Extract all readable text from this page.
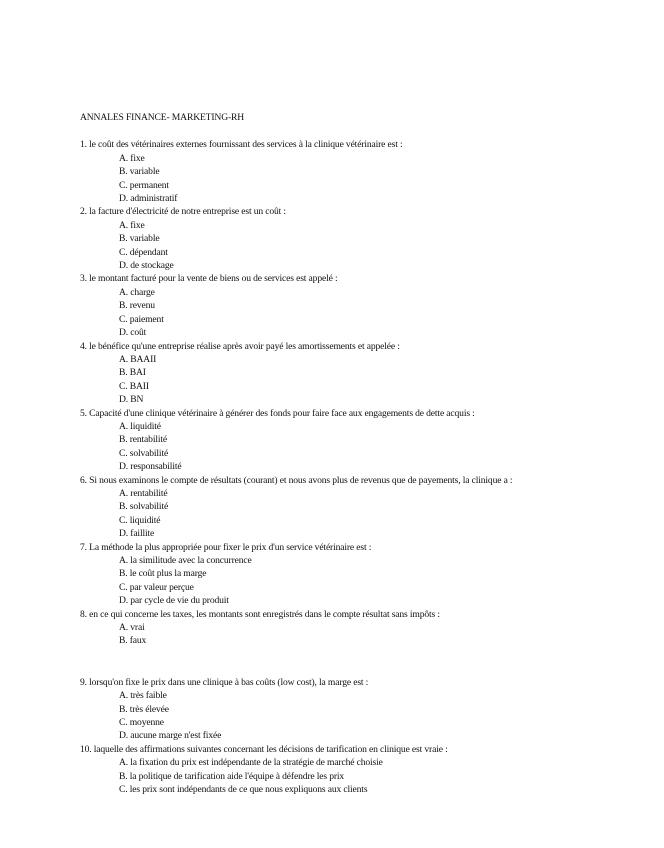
ANNALES FINANCE- MARKETING-RH

1. le coût des vétérinaires externes fournissant des services à la clinique vétérinaire est :

A. fixe
B. variable
C. permanent
D. administratif

2. la facture d'électricité de notre entreprise est un coût :

A. fixe
B. variable
C. dépendant
D. de stockage

3. le montant facturé pour la vente de biens ou de services est appelé :

A. charge
B. revenu
C. paiement
D. coût

4. le bénéfice qu'une entreprise réalise après avoir payé les amortissements et appelée :

A. BAAII
B. BAI
C. BAII
D. BN

5. Capacité d'une clinique vétérinaire à générer des fonds pour faire face aux engagements de dette acquis :

A. liquidité
B. rentabilité
C. solvabilité
D. responsabilité

6. Si nous examinons le compte de résultats (courant) et nous avons plus de revenus que de payements, la clinique a :

A. rentabilité
B. solvabilité
C. liquidité
D. faillite

7. La méthode la plus appropriée pour fixer le prix d'un service vétérinaire est :

A. la similitude avec la concurrence
B. le coût plus la marge
C. par valeur perçue
D. par cycle de vie du produit

8. en ce qui concerne les taxes, les montants sont enregistrés dans le compte résultat sans impôts :

A. vrai
B. faux

9. lorsqu'on fixe le prix dans une clinique à bas coûts (low cost), la marge est :

A. très faible
B. très élevée
C. moyenne
D. aucune marge n'est fixée

10. laquelle des affirmations suivantes concernant les décisions de tarification en clinique est vraie :

A. la fixation du prix est indépendante de la stratégie de marché choisie
B. la politique de tarification aide l'équipe à défendre les prix
C. les prix sont indépendants de ce que nous expliquons aux clients
